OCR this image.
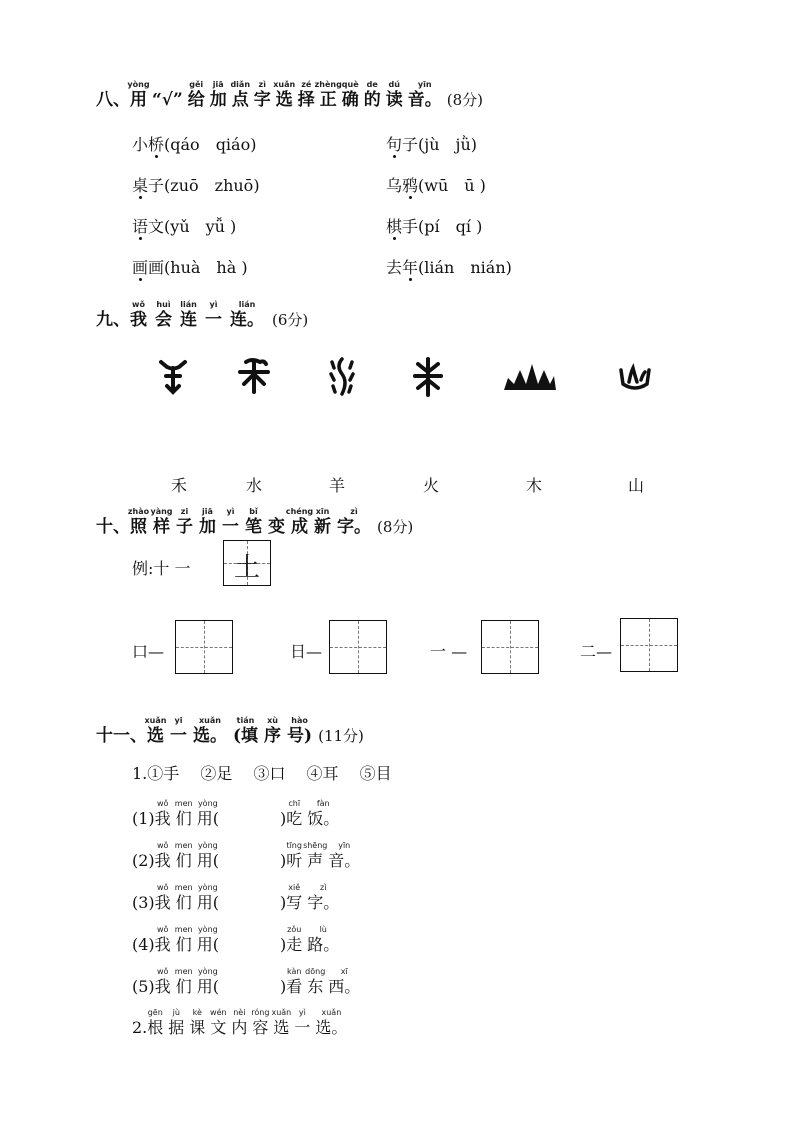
八、
yòng
用 “√”
gěi
给
jiā
加
diǎn
点
zì
字
xuǎn
选
zé
择
zhèng
正
què
确
de
的
dú
读
yīn
音。 (8分)
小桥(qáo　qiáo)	句子(jù　jǜ)
桌子(zuō　zhuō)	乌鸦(wū　ū )
语文(yǔ　yǚ )	棋手(pí　qí )
画画(huà　hà )	去年(lián　nián)
九、
wǒ
我
huì
会
lián
连
yì
一
lián
连。 (6分)
禾	水	羊	火	木	山
十、
zhào
照
yàng
样
zi
子
jiā
加
yì
一
bǐ
笔 变
chéng
成
xīn
新
zì
字。 (8分)
例:十 一	土
口—	日—	一 —	二—
十一、
xuǎn
选
yi
一
xuǎn
选。
tián
(填
xù
序
hào
号) (11分)
1.①手　 ②足　 ③口　 ④耳　 ⑤目
(1)
wǒ
我
men
们
yòng
用(	)
chī
吃
fàn
饭。
(2)
wǒ
我
men
们
yòng
用(	)
tīng
听
shēng
声
yīn
音。
(3)
wǒ
我
men
们
yòng
用(	)
xiě
写
zì
字。
(4)
wǒ
我
men
们
yòng
用(	)
zǒu
走
lù
路。
(5)
wǒ
我
men
们
yòng
用(	)
kàn
看
dōng
东
xī
西。
2.
gēn
根
jù
据
kè
课
wén
文
nèi
内
róng
容
xuǎn
选
yì
一
xuǎn
选。
